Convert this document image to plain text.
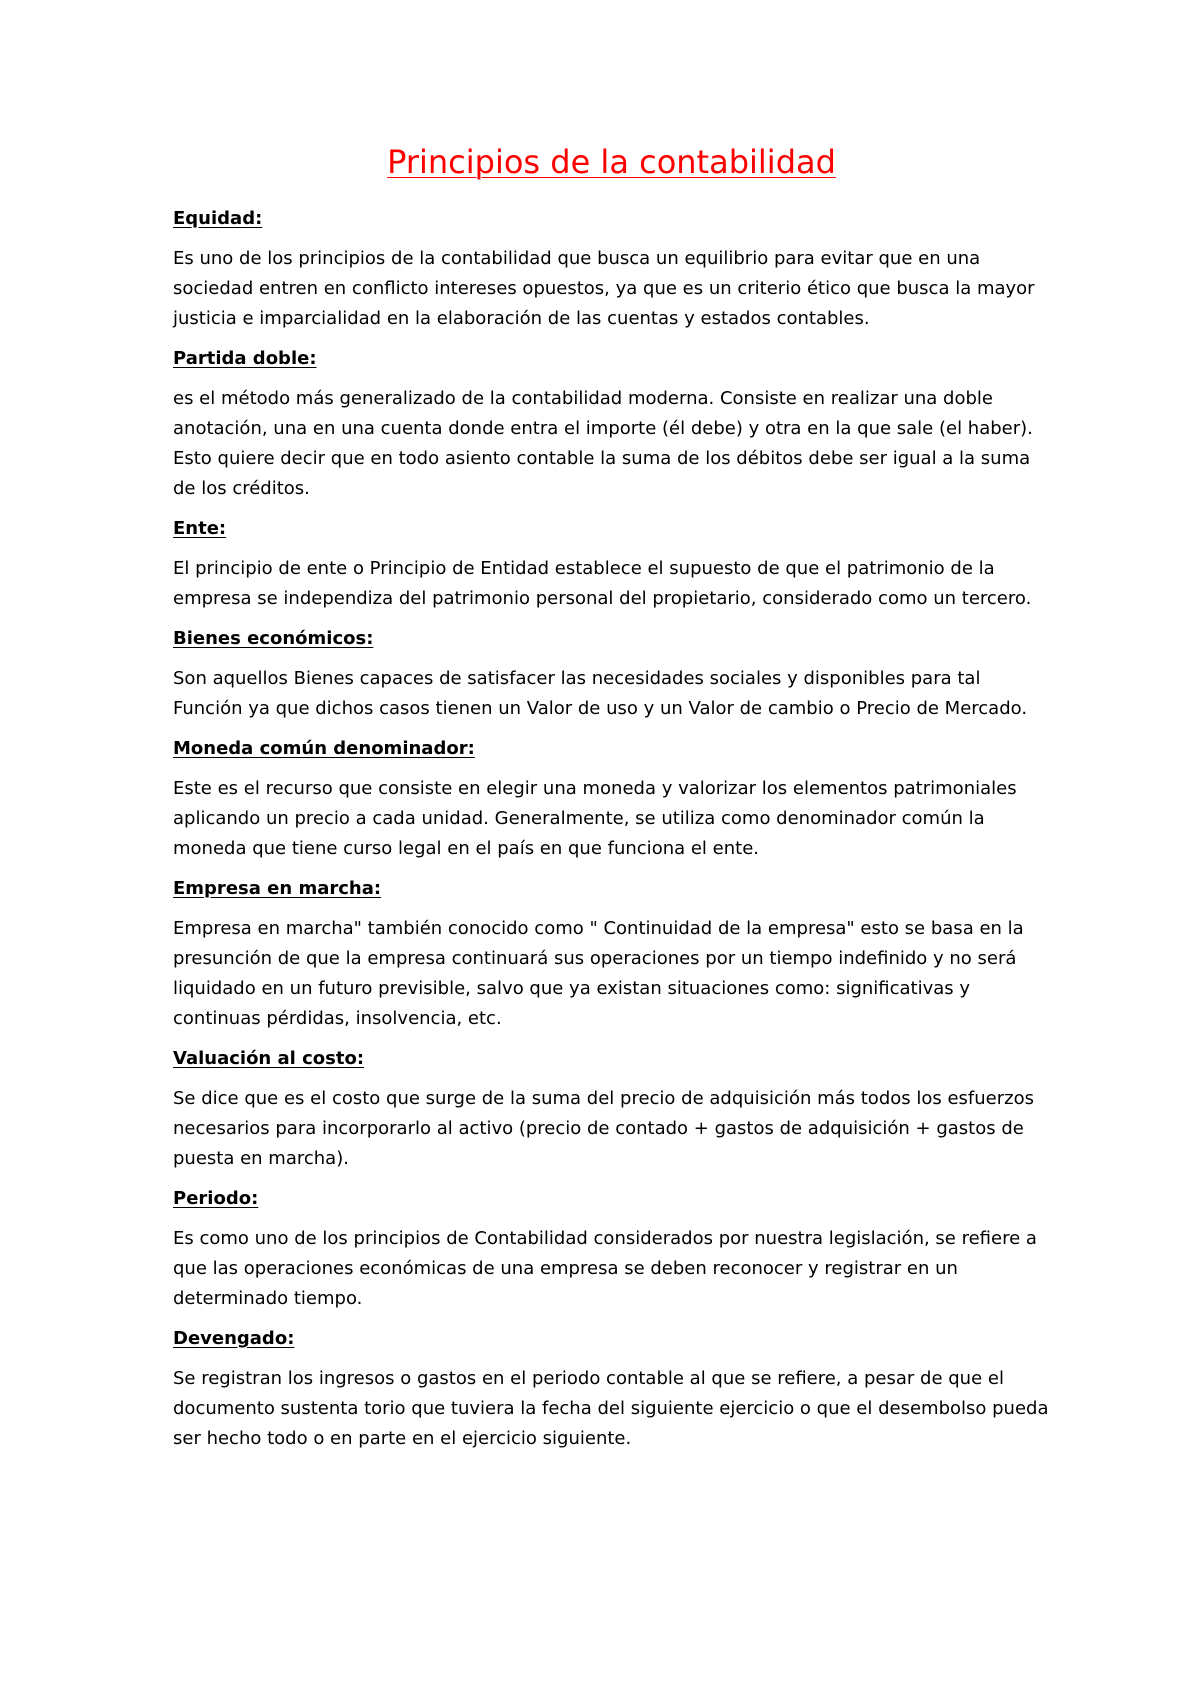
Principios de la contabilidad

Equidad:

Es uno de los principios de la contabilidad que busca un equilibrio para evitar que en una sociedad entren en conflicto intereses opuestos, ya que es un criterio ético que busca la mayor justicia e imparcialidad en la elaboración de las cuentas y estados contables.

Partida doble:

es el método más generalizado de la contabilidad moderna. Consiste en realizar una doble anotación, una en una cuenta donde entra el importe (él debe) y otra en la que sale (el haber). Esto quiere decir que en todo asiento contable la suma de los débitos debe ser igual a la suma de los créditos.

Ente:

El principio de ente o Principio de Entidad establece el supuesto de que el patrimonio de la empresa se independiza del patrimonio personal del propietario, considerado como un tercero.

Bienes económicos:

Son aquellos Bienes capaces de satisfacer las necesidades sociales y disponibles para tal Función ya que dichos casos tienen un Valor de uso y un Valor de cambio o Precio de Mercado.

Moneda común denominador:

Este es el recurso que consiste en elegir una moneda y valorizar los elementos patrimoniales aplicando un precio a cada unidad. Generalmente, se utiliza como denominador común la moneda que tiene curso legal en el país en que funciona el ente.

Empresa en marcha:

Empresa en marcha" también conocido como " Continuidad de la empresa" esto se basa en la presunción de que la empresa continuará sus operaciones por un tiempo indefinido y no será liquidado en un futuro previsible, salvo que ya existan situaciones como: significativas y continuas pérdidas, insolvencia, etc.

Valuación al costo:

Se dice que es el costo que surge de la suma del precio de adquisición más todos los esfuerzos necesarios para incorporarlo al activo (precio de contado + gastos de adquisición + gastos de puesta en marcha).

Periodo:

Es como uno de los principios de Contabilidad considerados por nuestra legislación, se refiere a que las operaciones económicas de una empresa se deben reconocer y registrar en un determinado tiempo.

Devengado:

Se registran los ingresos o gastos en el periodo contable al que se refiere, a pesar de que el documento sustenta torio que tuviera la fecha del siguiente ejercicio o que el desembolso pueda ser hecho todo o en parte en el ejercicio siguiente.
